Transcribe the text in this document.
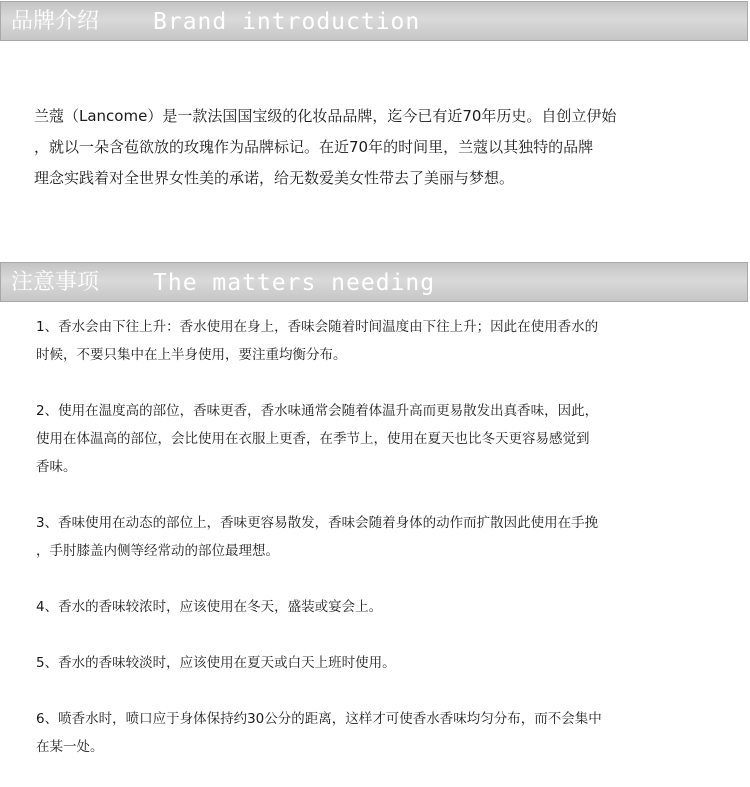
品牌介绍 Brand introduction
兰蔻（Lancome）是一款法国国宝级的化妆品品牌，迄今已有近70年历史。自创立伊始
，就以一朵含苞欲放的玫瑰作为品牌标记。在近70年的时间里，兰蔻以其独特的品牌
理念实践着对全世界女性美的承诺，给无数爱美女性带去了美丽与梦想。
注意事项 The matters needing
1、香水会由下往上升：香水使用在身上，香味会随着时间温度由下往上升；因此在使用香水的
时候，不要只集中在上半身使用，要注重均衡分布。
2、使用在温度高的部位，香味更香，香水味通常会随着体温升高而更易散发出真香味，因此，
使用在体温高的部位，会比使用在衣服上更香，在季节上，使用在夏天也比冬天更容易感觉到
香味。
3、香味使用在动态的部位上，香味更容易散发，香味会随着身体的动作而扩散因此使用在手挽
，手肘膝盖内侧等经常动的部位最理想。
4、香水的香味较浓时，应该使用在冬天，盛装或宴会上。
5、香水的香味较淡时，应该使用在夏天或白天上班时使用。
6、喷香水时，喷口应于身体保持约30公分的距离，这样才可使香水香味均匀分布，而不会集中
在某一处。
